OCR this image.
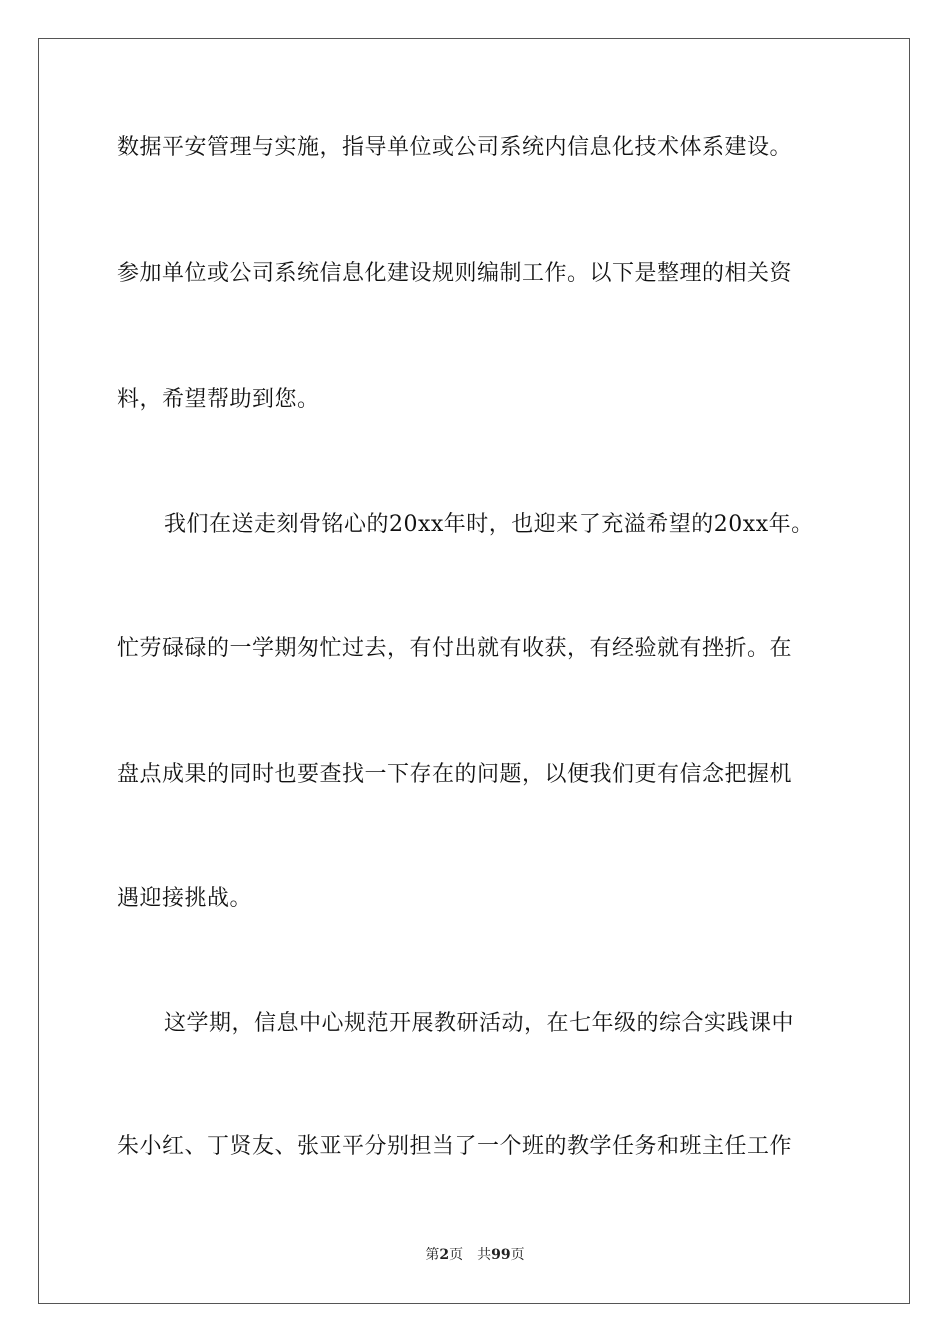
数据平安管理与实施，指导单位或公司系统内信息化技术体系建设。
参加单位或公司系统信息化建设规则编制工作。以下是整理的相关资
料，希望帮助到您。
我们在送走刻骨铭心的20xx年时，也迎来了充溢希望的20xx年。
忙劳碌碌的一学期匆忙过去，有付出就有收获，有经验就有挫折。在
盘点成果的同时也要查找一下存在的问题，以便我们更有信念把握机
遇迎接挑战。
这学期，信息中心规范开展教研活动，在七年级的综合实践课中
朱小红、丁贤友、张亚平分别担当了一个班的教学任务和班主任工作
第2页 共99页
